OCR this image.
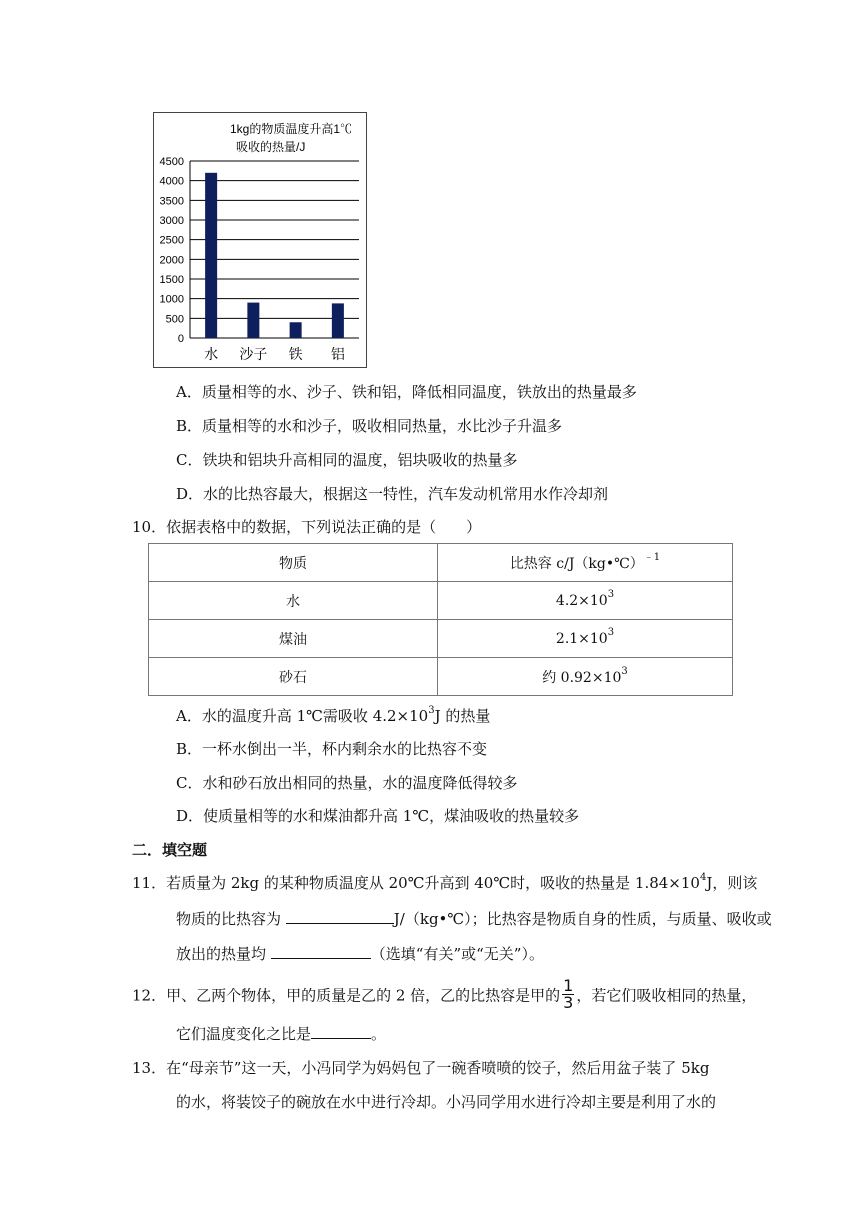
1kg的物质温度升高1℃
吸收的热量/J
0
500
1000
1500
2000
2500
3000
3500
4000
4500
水 沙子 铁 铝
A．质量相等的水、沙子、铁和铝，降低相同温度，铁放出的热量最多
B．质量相等的水和沙子，吸收相同热量，水比沙子升温多
C．铁块和铝块升高相同的温度，铝块吸收的热量多
D．水的比热容最大，根据这一特性，汽车发动机常用水作冷却剂
10．依据表格中的数据，下列说法正确的是（　　）
物质	比热容 c/J（kg•℃）$^{﹣1}$
水	$4.2\times 10^3$
煤油	$2.1\times 10^3$
砂石	约 $0.92\times 10^3$
A．水的温度升高 1℃需吸收 $4.2\times 10^3J$ 的热量
B．一杯水倒出一半，杯内剩余水的比热容不变
C．水和砂石放出相同的热量，水的温度降低得较多
D．使质量相等的水和煤油都升高 1℃，煤油吸收的热量较多
二．填空题
11．若质量为 2kg 的某种物质温度从 20℃升高到 40℃时，吸收的热量是 $1.84\times 10^4J$，则该
物质的比热容为	J/（kg•℃）；比热容是物质自身的性质，与质量、吸收或
放出的热量均	（选填“有关”或“无关”）。
12．甲、乙两个物体，甲的质量是乙的 2 倍，乙的比热容是甲的 $\frac{1}{3}$ ，若它们吸收相同的热量，
它们温度变化之比是	。
13．在“母亲节”这一天，小冯同学为妈妈包了一碗香喷喷的饺子，然后用盆子装了 5kg
的水，将装饺子的碗放在水中进行冷却。小冯同学用水进行冷却主要是利用了水的
